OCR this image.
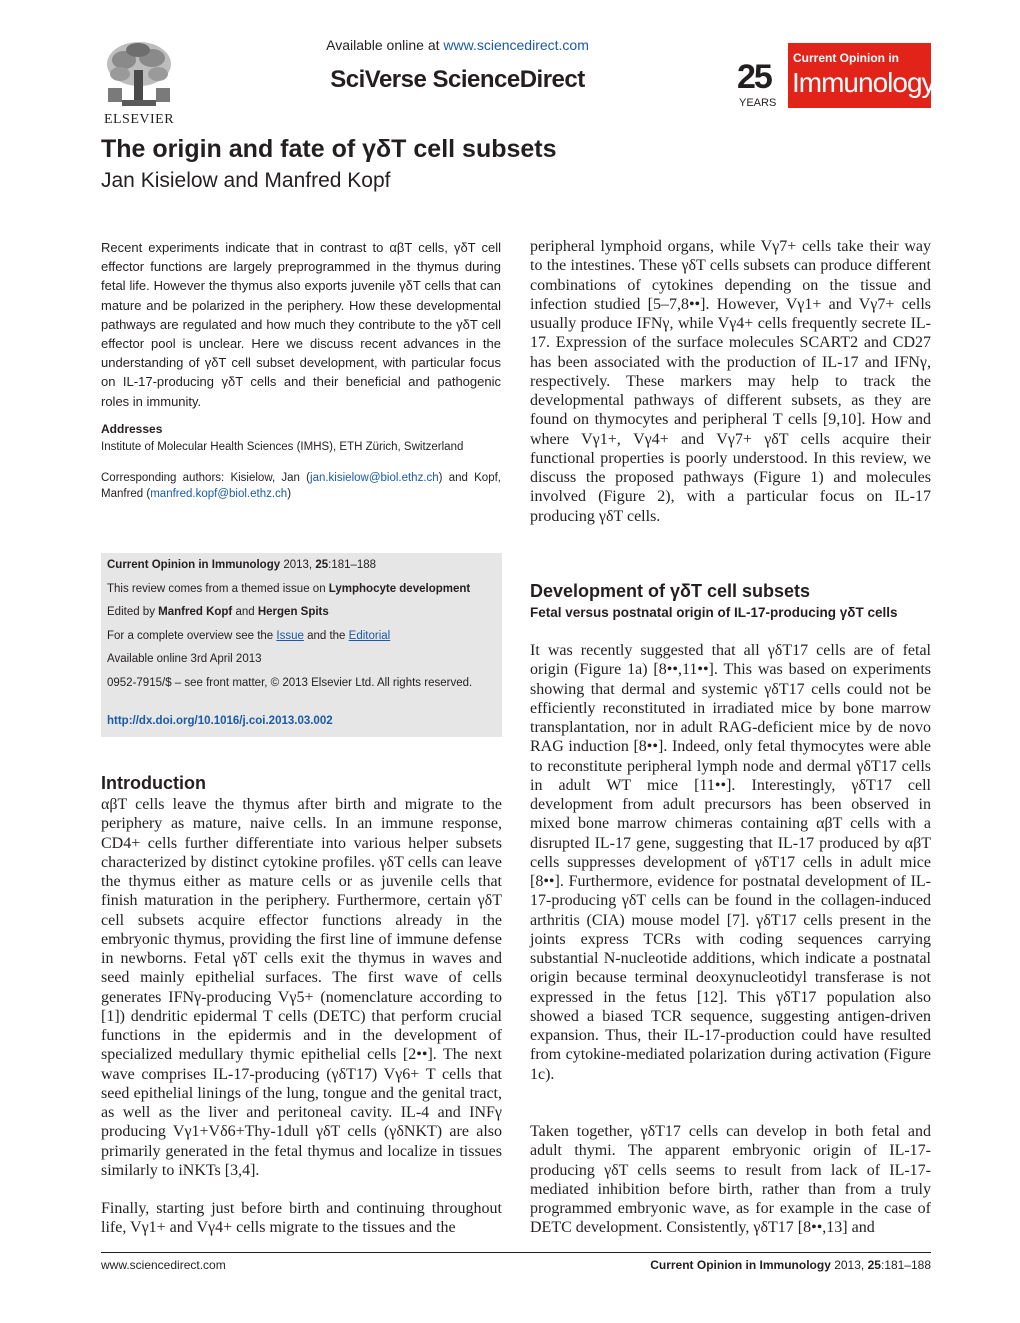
ELSEVIER
Available online at www.sciencedirect.com
SciVerse ScienceDirect	25
YEARS
Current Opinion in
Immunology
The origin and fate of γδT cell subsets
Jan Kisielow and Manfred Kopf
Recent experiments indicate that in contrast to αβT cells, γδT cell effector functions are largely preprogrammed in the thymus during fetal life. However the thymus also exports juvenile γδT cells that can mature and be polarized in the periphery. How these developmental pathways are regulated and how much they contribute to the γδT cell effector pool is unclear. Here we discuss recent advances in the understanding of γδT cell subset development, with particular focus on IL-17-producing γδT cells and their beneficial and pathogenic roles in immunity.
Addresses
Institute of Molecular Health Sciences (IMHS), ETH Zürich, Switzerland
Corresponding authors: Kisielow, Jan (jan.kisielow@biol.ethz.ch) and Kopf, Manfred (manfred.kopf@biol.ethz.ch)
Current Opinion in Immunology 2013, 25:181–188
This review comes from a themed issue on Lymphocyte development
Edited by Manfred Kopf and Hergen Spits
For a complete overview see the Issue and the Editorial
Available online 3rd April 2013
0952-7915/$ – see front matter, © 2013 Elsevier Ltd. All rights reserved.
http://dx.doi.org/10.1016/j.coi.2013.03.002
Introduction
αβT cells leave the thymus after birth and migrate to the periphery as mature, naive cells. In an immune response, CD4+ cells further differentiate into various helper subsets characterized by distinct cytokine profiles. γδT cells can leave the thymus either as mature cells or as juvenile cells that finish maturation in the periphery. Furthermore, certain γδT cell subsets acquire effector functions already in the embryonic thymus, providing the first line of immune defense in newborns. Fetal γδT cells exit the thymus in waves and seed mainly epithelial surfaces. The first wave of cells generates IFNγ-producing Vγ5+ (nomenclature according to [1]) dendritic epidermal T cells (DETC) that perform crucial functions in the epidermis and in the development of specialized medullary thymic epithelial cells [2••]. The next wave comprises IL-17-producing (γδT17) Vγ6+ T cells that seed epithelial linings of the lung, tongue and the genital tract, as well as the liver and peritoneal cavity. IL-4 and INFγ producing Vγ1+Vδ6+Thy-1dull γδT cells (γδNKT) are also primarily generated in the fetal thymus and localize in tissues similarly to iNKTs [3,4].
Finally, starting just before birth and continuing throughout life, Vγ1+ and Vγ4+ cells migrate to the tissues and the
peripheral lymphoid organs, while Vγ7+ cells take their way to the intestines. These γδT cells subsets can produce different combinations of cytokines depending on the tissue and infection studied [5–7,8••]. However, Vγ1+ and Vγ7+ cells usually produce IFNγ, while Vγ4+ cells frequently secrete IL-17. Expression of the surface molecules SCART2 and CD27 has been associated with the production of IL-17 and IFNγ, respectively. These markers may help to track the developmental pathways of different subsets, as they are found on thymocytes and peripheral T cells [9,10]. How and where Vγ1+, Vγ4+ and Vγ7+ γδT cells acquire their functional properties is poorly understood. In this review, we discuss the proposed pathways (Figure 1) and molecules involved (Figure 2), with a particular focus on IL-17 producing γδT cells.
Development of γδT cell subsets
Fetal versus postnatal origin of IL-17-producing γδT cells
It was recently suggested that all γδT17 cells are of fetal origin (Figure 1a) [8••,11••]. This was based on experiments showing that dermal and systemic γδT17 cells could not be efficiently reconstituted in irradiated mice by bone marrow transplantation, nor in adult RAG-deficient mice by de novo RAG induction [8••]. Indeed, only fetal thymocytes were able to reconstitute peripheral lymph node and dermal γδT17 cells in adult WT mice [11••]. Interestingly, γδT17 cell development from adult precursors has been observed in mixed bone marrow chimeras containing αβT cells with a disrupted IL-17 gene, suggesting that IL-17 produced by αβT cells suppresses development of γδT17 cells in adult mice [8••]. Furthermore, evidence for postnatal development of IL-17-producing γδT cells can be found in the collagen-induced arthritis (CIA) mouse model [7]. γδT17 cells present in the joints express TCRs with coding sequences carrying substantial N-nucleotide additions, which indicate a postnatal origin because terminal deoxynucleotidyl transferase is not expressed in the fetus [12]. This γδT17 population also showed a biased TCR sequence, suggesting antigen-driven expansion. Thus, their IL-17-production could have resulted from cytokine-mediated polarization during activation (Figure 1c).
Taken together, γδT17 cells can develop in both fetal and adult thymi. The apparent embryonic origin of IL-17-producing γδT cells seems to result from lack of IL-17-mediated inhibition before birth, rather than from a truly programmed embryonic wave, as for example in the case of DETC development. Consistently, γδT17 [8••,13] and
www.sciencedirect.com	Current Opinion in Immunology 2013, 25:181–188
